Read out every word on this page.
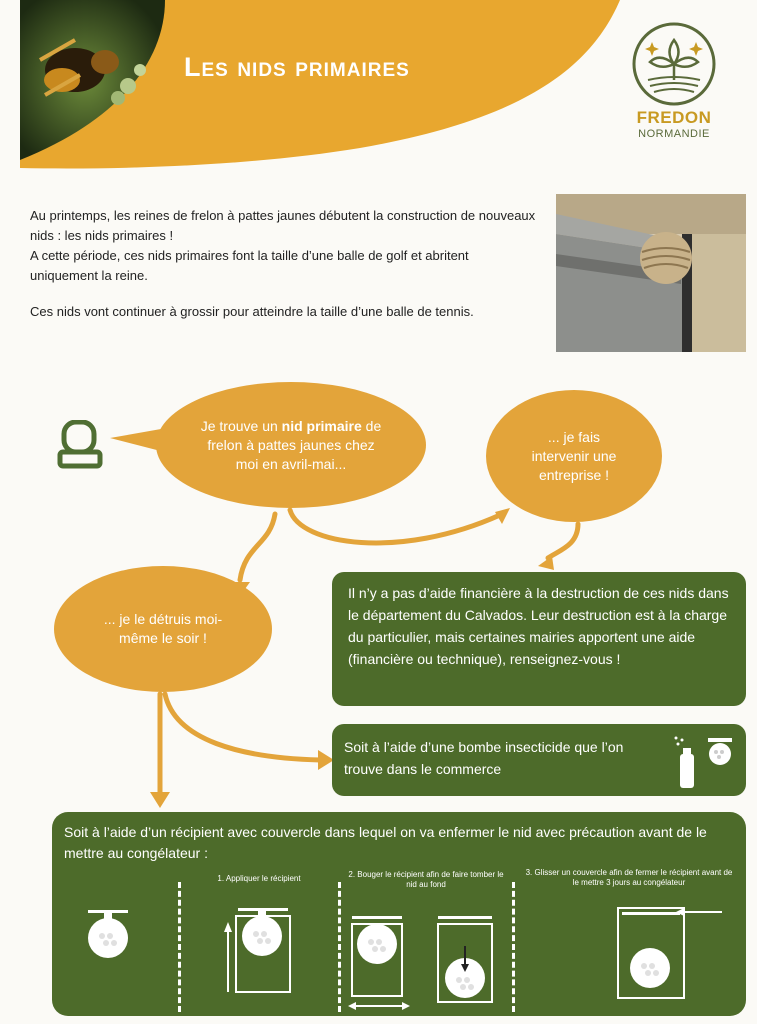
Les nids primaires
FREDON
NORMANDIE

Au printemps, les reines de frelon à pattes jaunes débutent la construction de nouveaux nids : les nids primaires !

A cette période, ces nids primaires font la taille d’une balle de golf et abritent uniquement la reine.

Ces nids vont continuer à grossir pour atteindre la taille d’une balle de tennis.

Je trouve un nid primaire de frelon à pattes jaunes chez moi en avril-mai...
... je fais intervenir une entreprise !
... je le détruis moi-même le soir !
Il n’y a pas d’aide financière à la destruction de ces nids dans le département du Calvados. Leur destruction est à la charge du particulier, mais certaines mairies apportent une aide (financière ou technique), renseignez-vous !
Soit à l’aide d’une bombe insecticide que l’on trouve dans le commerce
Soit à l’aide d’un récipient avec couvercle dans lequel on va enfermer le nid avec précaution avant de le mettre au congélateur :
1. Appliquer le récipient	2. Bouger le récipient afin de faire tomber le nid au fond
3. Glisser un couvercle afin de fermer le récipient avant de le mettre 3 jours au congélateur
